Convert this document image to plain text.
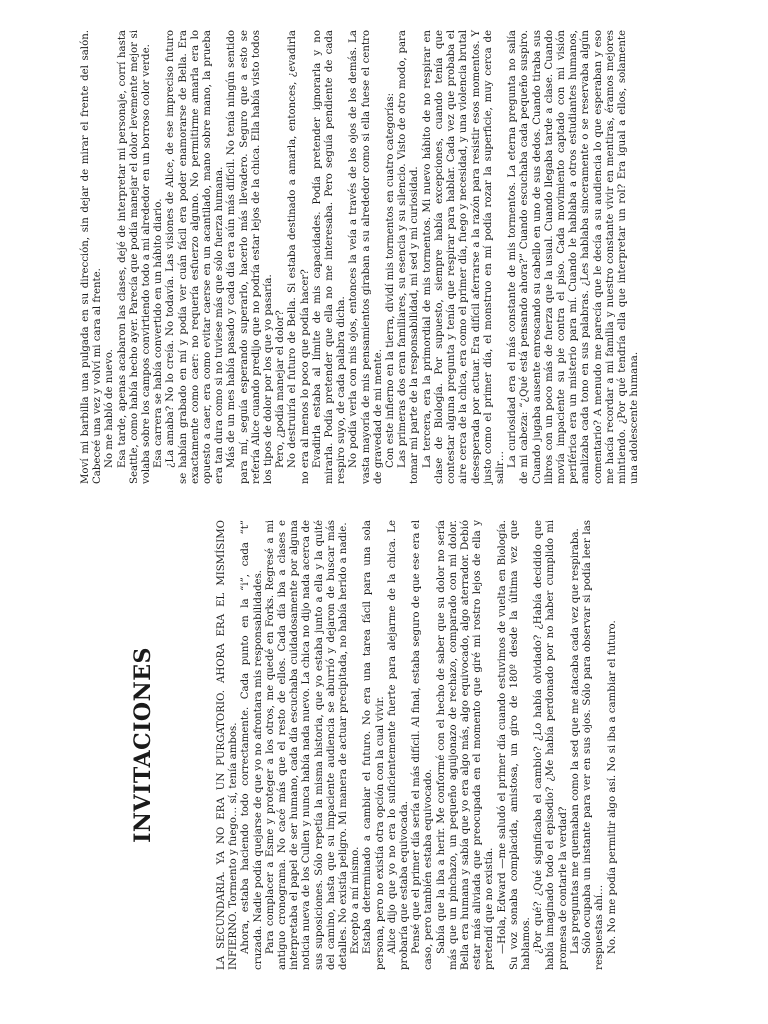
INVITACIONES	LA SECUNDARIA. YA NO ERA UN PURGATORIO. AHORA ERA EL MISMÍSIMO INFIERNO. Tormento y fuego… sí, tenía ambos. Ahora, estaba haciendo todo correctamente. Cada punto en la “i”, cada “t” cruzada. Nadie podía quejarse de que yo no afrontara mis responsabilidades. Para complacer a Esme y proteger a los otros, me quedé en Forks. Regresé a mi antiguo cronograma. No cacé más que el resto de ellos. Cada día iba a clases e interpretaba el papel de ser humano, cada día escuchaba cuidadosamente por alguna noticia nueva de los Cullen y nunca había nada nuevo. La chica no dijo nada acerca de sus suposiciones. Sólo repetía la misma historia, que yo estaba junto a ella y la quité del camino, hasta que su impaciente audiencia se aburrió y dejaron de buscar más detalles. No existía peligro. Mi manera de actuar precipitada, no había herido a nadie. Excepto a mí mismo. Estaba determinado a cambiar el futuro. No era una tarea fácil para una sola persona, pero no existía otra opción con la cual vivir. Alice dijo que yo no era lo suficientemente fuerte para alejarme de la chica. Le probaría que estaba equivocada. Pensé que el primer día sería el más difícil. Al final, estaba seguro de que ese era el caso, pero también estaba equivocado. Sabía que la iba a herir. Me conformé con el hecho de saber que su dolor no sería más que un pinchazo, un pequeño aguijonazo de rechazo, comparado con mi dolor. Bella era humana y sabía que yo era algo más, algo equivocado, algo aterrador. Debió estar más aliviada que preocupada en el momento que giré mi rostro lejos de ella y pretendí que no existía. —Hola, Edward —me saludó el primer día cuando estuvimos de vuelta en Biología. Su voz sonaba complacida, amistosa, un giro de 180º desde la última vez que hablamos. ¿Por qué? ¿Qué significaba el cambio? ¿Lo había olvidado? ¿Había decidido que había imaginado todo el episodio? ¿Me había perdonado por no haber cumplido mi promesa de contarle la verdad? Las preguntas me quemaban como la sed que me atacaba cada vez que respiraba. Sólo ocupaba un instante para ver en sus ojos. Sólo para observar si podía leer las respuestas ahí… No. No me podía permitir algo así. No si iba a cambiar el futuro.

Moví mi barbilla una pulgada en su dirección, sin dejar de mirar el frente del salón. Cabeceé una vez y volví mi cara al frente. No me habló de nuevo. Esa tarde, apenas acabaron las clases, dejé de interpretar mi personaje, corrí hasta Seattle, como había hecho ayer. Parecía que podía manejar el dolor levemente mejor si volaba sobre los campos convirtiendo todo a mi alrededor en un borroso color verde. Esa carrera se había convertido en un hábito diario. ¿La amaba? No lo creía. No todavía. Las visiones de Alice, de ese impreciso futuro se habían grabado en mí y podía ver cuán fácil era poder enamorarse de Bella. Era exactamente como caer: no requería esfuerzo alguno. No permitirme amarla era lo opuesto a caer, era como evitar caerse en un acantilado, mano sobre mano, la prueba era tan dura como si no tuviese más que sólo fuerza humana. Más de un mes había pasado y cada día era aún más difícil. No tenía ningún sentido para mí, seguía esperando superarlo, hacerlo más llevadero. Seguro que a esto se refería Alice cuando predijo que no podría estar lejos de la chica. Ella había visto todos los tipos de dolor por los que yo pasaría. Pero, ¿podía manejar el dolor? No destruiría el futuro de Bella. Si estaba destinado a amarla, entonces, ¿evadirla no era al menos lo poco que podía hacer? Evadirla estaba al límite de mis capacidades. Podía pretender ignorarla y no mirarla. Podía pretender que ella no me interesaba. Pero seguía pendiente de cada respiro suyo, de cada palabra dicha. No podía verla con mis ojos, entonces la veía a través de los ojos de los demás. La vasta mayoría de mis pensamientos giraban a su alrededor como si ella fuese el centro de gravedad de mi mente. Con este infierno en la tierra, dividí mis tormentos en cuatro categorías: Las primeras dos eran familiares, su esencia y su silencio. Visto de otro modo, para tomar mi parte de la responsabilidad, mi sed y mi curiosidad. La tercera, era la primordial de mis tormentos. Mi nuevo hábito de no respirar en clase de Biología. Por supuesto, siempre había excepciones, cuando tenía que contestar alguna pregunta y tenía que respirar para hablar. Cada vez que probaba el aire cerca de la chica, era como el primer día, fuego y necesidad, y una violencia brutal desesperada por actuar. Era difícil aferrarse a la razón para resistir esos momentos. Y justo como el primer día, el monstruo en mí podía rozar la superficie, muy cerca de salir… La curiosidad era el más constante de mis tormentos. La eterna pregunta no salía de mi cabeza: “¿Qué está pensando ahora?” Cuando escuchaba cada pequeño suspiro. Cuando jugaba ausente enroscando su cabello en uno de sus dedos. Cuando tiraba sus libros con un poco más de fuerza que la usual. Cuando llegaba tarde a clase. Cuando movía impaciente su pie contra el piso. Cada movimiento captado con mi visión periférica era un misterio para mí. Cuando le hablaba a otros estudiantes humanos, analizaba cada tono en sus palabras. ¿Les hablaba sinceramente o se reservaba algún comentario? A menudo me parecía que le decía a su audiencia lo que esperaban y eso me hacía recordar a mi familia y nuestro constante vivir en mentiras, éramos mejores mintiendo. ¿Por qué tendría ella que interpretar un rol? Era igual a ellos, solamente una adolescente humana.
